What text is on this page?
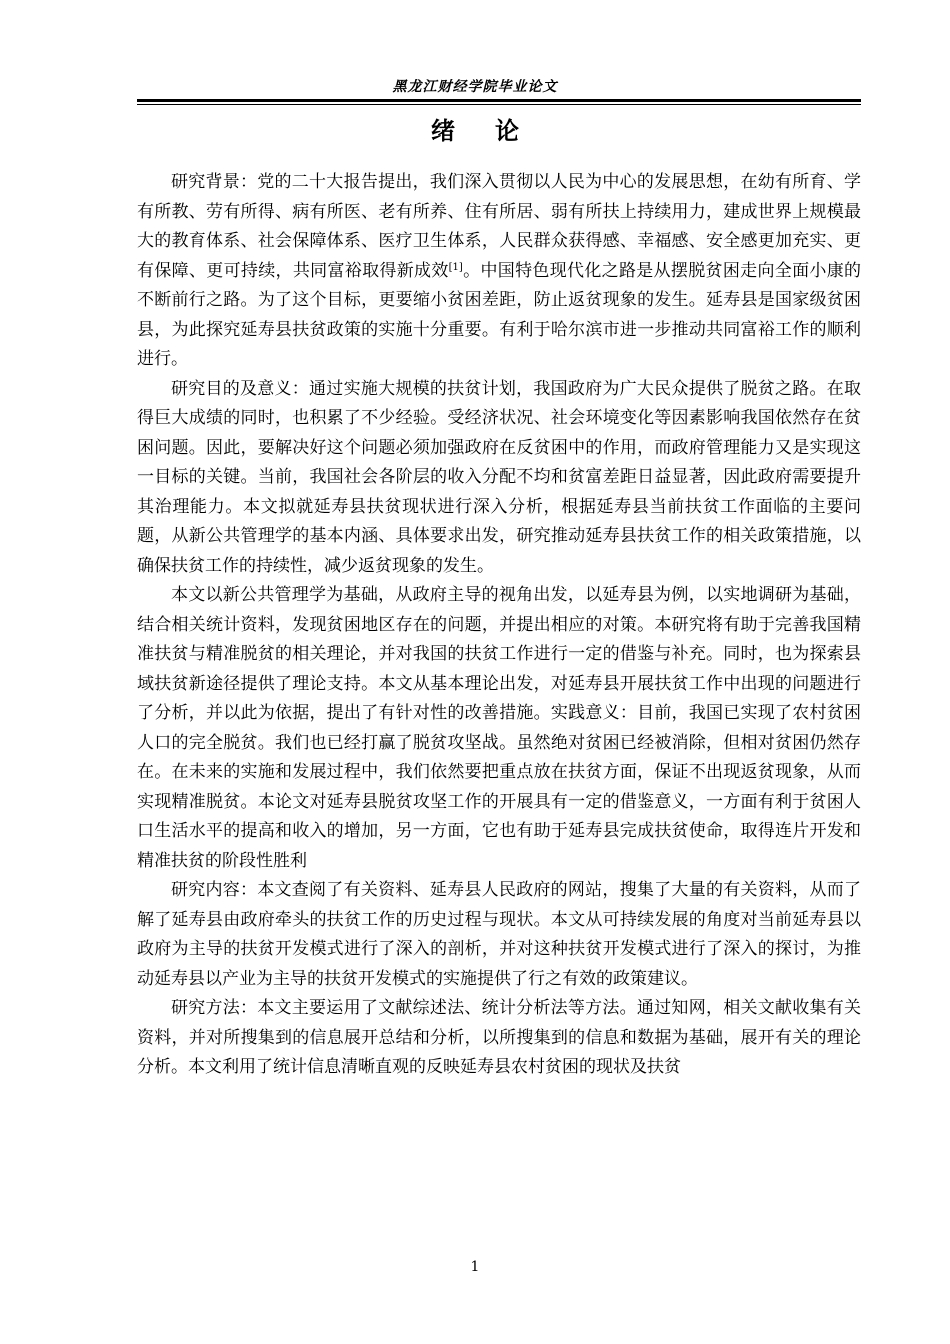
黑龙江财经学院毕业论文
绪论

研究背景：党的二十大报告提出，我们深入贯彻以人民为中心的发展思想，在幼有所育、学有所教、劳有所得、病有所医、老有所养、住有所居、弱有所扶上持续用力，建成世界上规模最大的教育体系、社会保障体系、医疗卫生体系，人民群众获得感、幸福感、安全感更加充实、更有保障、更可持续，共同富裕取得新成效[1]。中国特色现代化之路是从摆脱贫困走向全面小康的不断前行之路。为了这个目标，更要缩小贫困差距，防止返贫现象的发生。延寿县是国家级贫困县，为此探究延寿县扶贫政策的实施十分重要。有利于哈尔滨市进一步推动共同富裕工作的顺利进行。

研究目的及意义：通过实施大规模的扶贫计划，我国政府为广大民众提供了脱贫之路。在取得巨大成绩的同时，也积累了不少经验。受经济状况、社会环境变化等因素影响我国依然存在贫困问题。因此，要解决好这个问题必须加强政府在反贫困中的作用，而政府管理能力又是实现这一目标的关键。当前，我国社会各阶层的收入分配不均和贫富差距日益显著，因此政府需要提升其治理能力。本文拟就延寿县扶贫现状进行深入分析，根据延寿县当前扶贫工作面临的主要问题，从新公共管理学的基本内涵、具体要求出发，研究推动延寿县扶贫工作的相关政策措施，以确保扶贫工作的持续性，减少返贫现象的发生。

本文以新公共管理学为基础，从政府主导的视角出发，以延寿县为例，以实地调研为基础，结合相关统计资料，发现贫困地区存在的问题，并提出相应的对策。本研究将有助于完善我国精准扶贫与精准脱贫的相关理论，并对我国的扶贫工作进行一定的借鉴与补充。同时，也为探索县域扶贫新途径提供了理论支持。本文从基本理论出发，对延寿县开展扶贫工作中出现的问题进行了分析，并以此为依据，提出了有针对性的改善措施。实践意义：目前，我国已实现了农村贫困人口的完全脱贫。我们也已经打赢了脱贫攻坚战。虽然绝对贫困已经被消除，但相对贫困仍然存在。在未来的实施和发展过程中，我们依然要把重点放在扶贫方面，保证不出现返贫现象，从而实现精准脱贫。本论文对延寿县脱贫攻坚工作的开展具有一定的借鉴意义，一方面有利于贫困人口生活水平的提高和收入的增加，另一方面，它也有助于延寿县完成扶贫使命，取得连片开发和精准扶贫的阶段性胜利

研究内容：本文查阅了有关资料、延寿县人民政府的网站，搜集了大量的有关资料，从而了解了延寿县由政府牵头的扶贫工作的历史过程与现状。本文从可持续发展的角度对当前延寿县以政府为主导的扶贫开发模式进行了深入的剖析，并对这种扶贫开发模式进行了深入的探讨，为推动延寿县以产业为主导的扶贫开发模式的实施提供了行之有效的政策建议。

研究方法：本文主要运用了文献综述法、统计分析法等方法。通过知网，相关文献收集有关资料，并对所搜集到的信息展开总结和分析，以所搜集到的信息和数据为基础，展开有关的理论分析。本文利用了统计信息清晰直观的反映延寿县农村贫困的现状及扶贫

1
